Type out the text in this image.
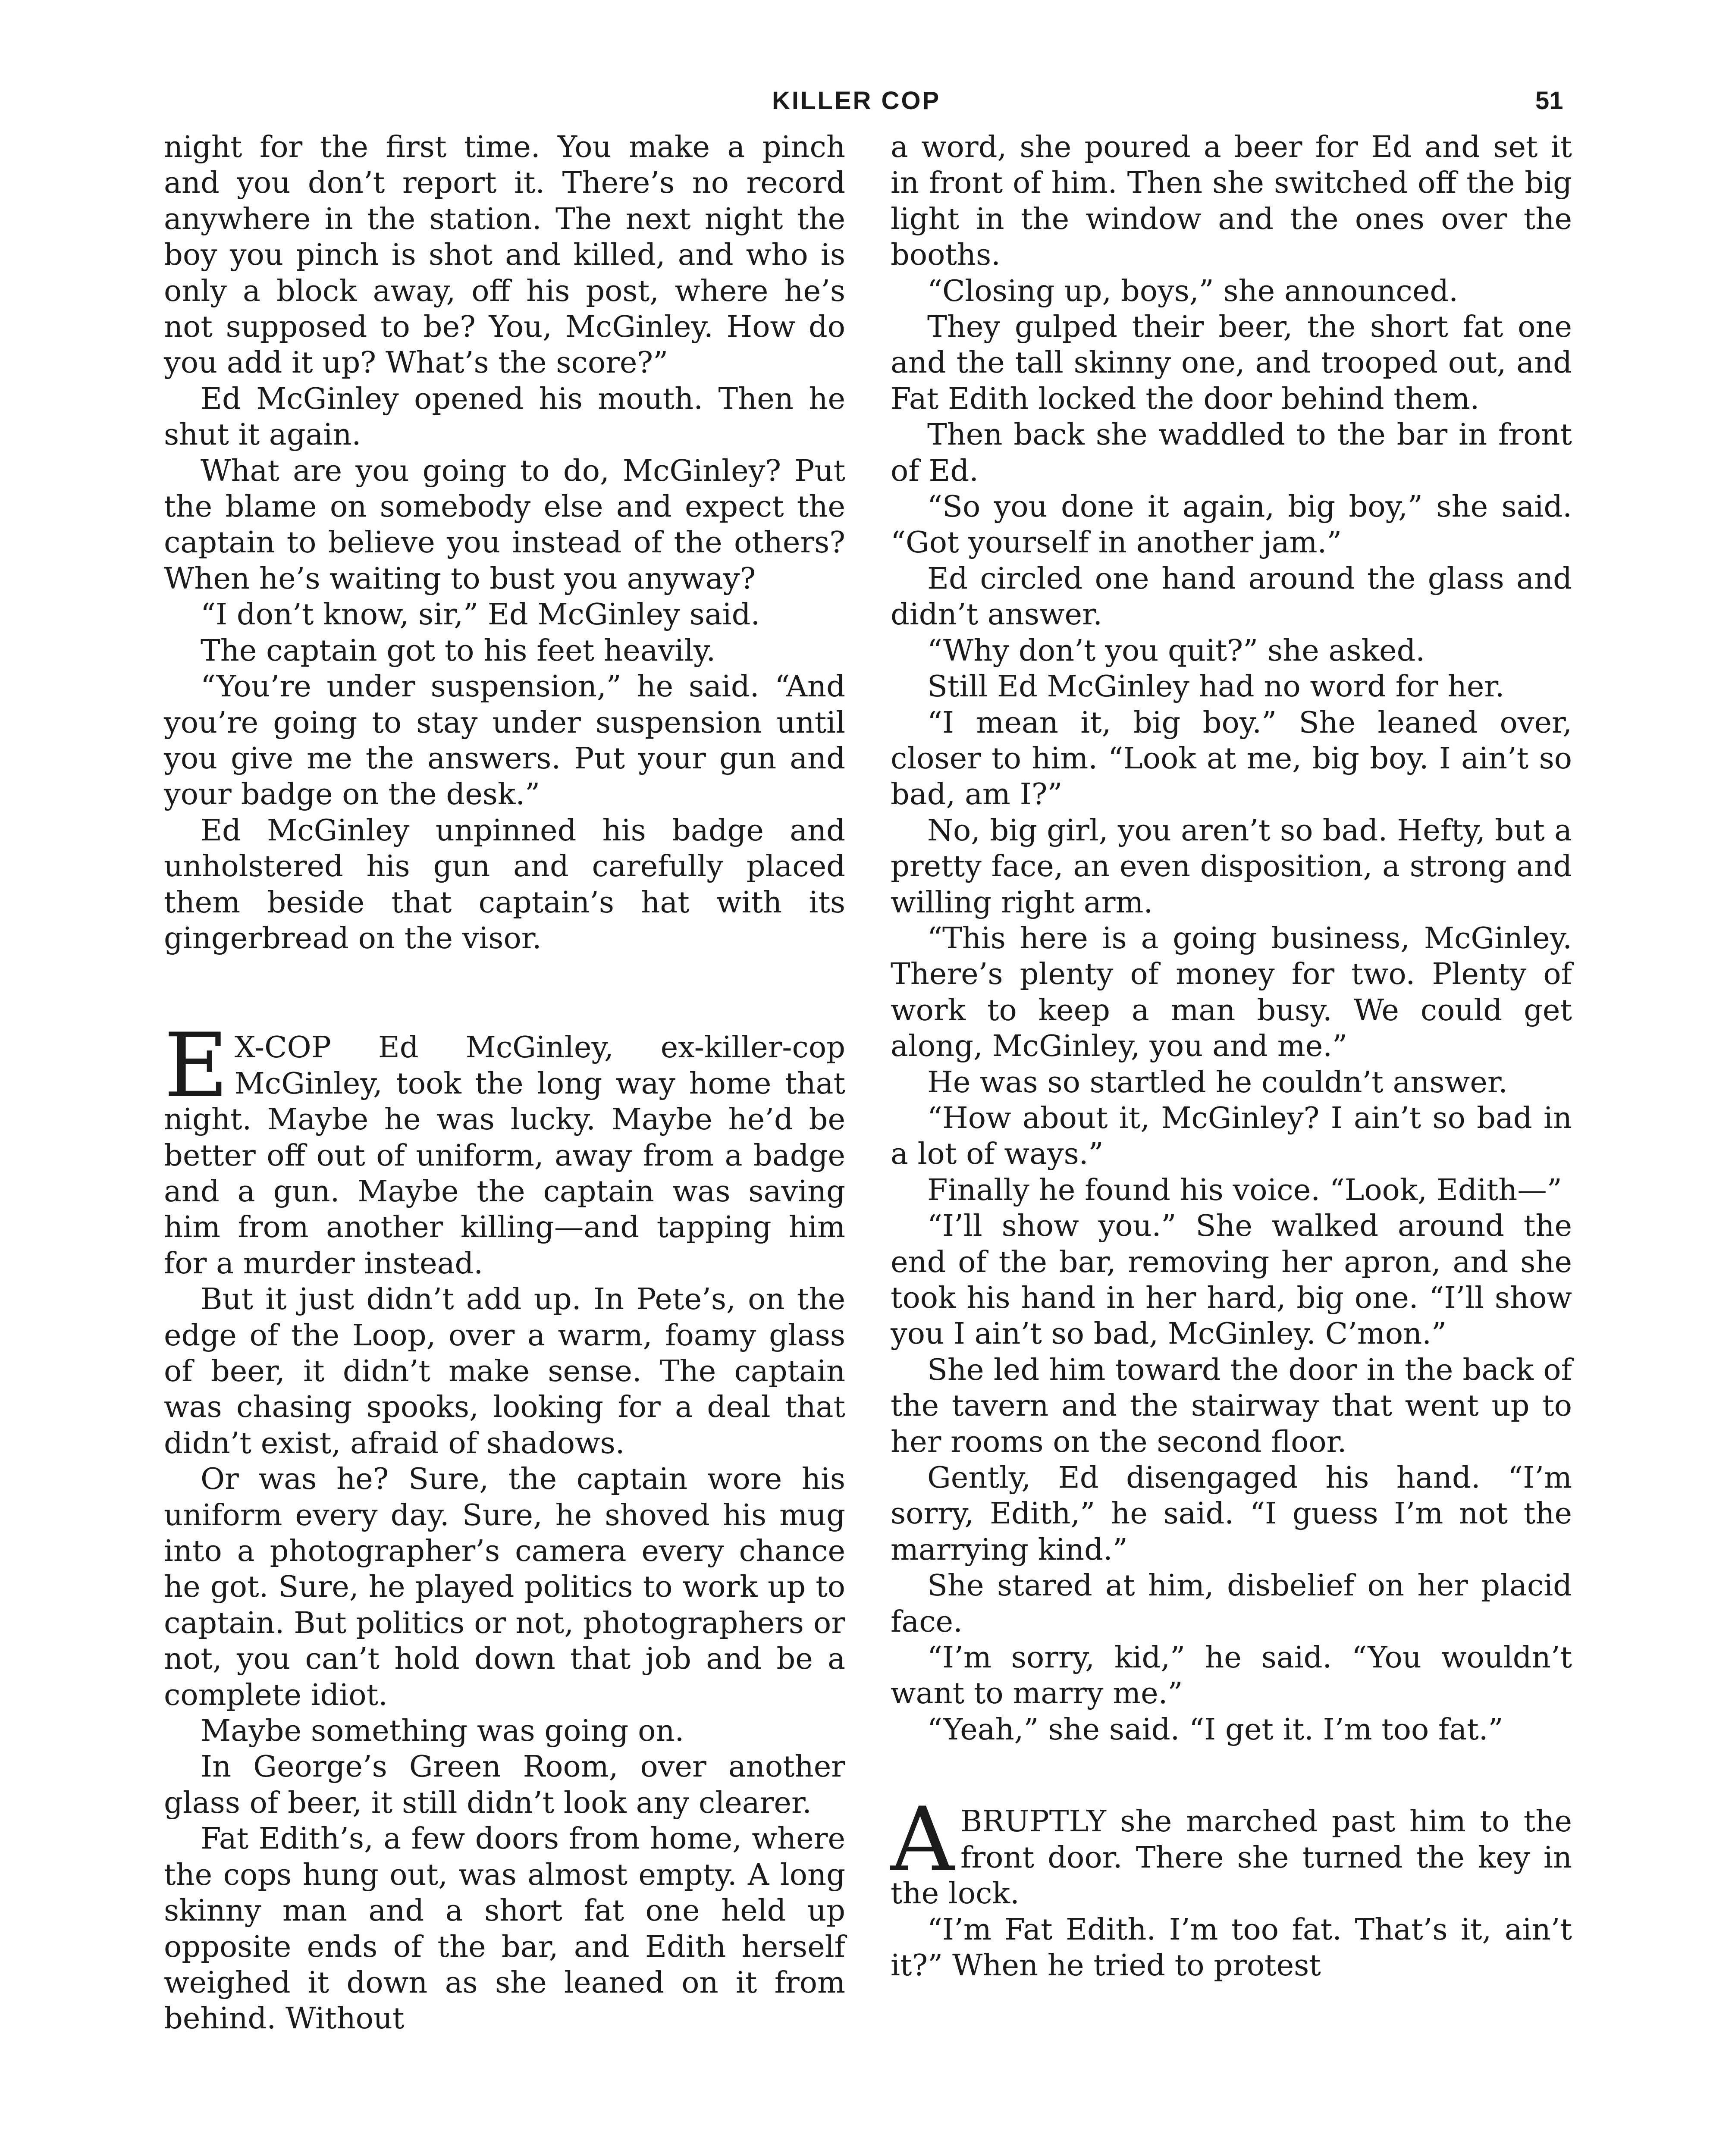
KILLER COP	51

night for the first time. You make a pinch and you don’t report it. There’s no record anywhere in the station. The next night the boy you pinch is shot and killed, and who is only a block away, off his post, where he’s not supposed to be? You, McGinley. How do you add it up? What’s the score?”

Ed McGinley opened his mouth. Then he shut it again.

What are you going to do, McGinley? Put the blame on somebody else and expect the captain to believe you instead of the others? When he’s waiting to bust you anyway?

“I don’t know, sir,” Ed McGinley said.

The captain got to his feet heavily.

“You’re under suspension,” he said. “And you’re going to stay under suspension until you give me the answers. Put your gun and your badge on the desk.”

Ed McGinley unpinned his badge and unholstered his gun and carefully placed them beside that captain’s hat with its gingerbread on the visor.

E X-COP Ed McGinley, ex-killer-cop McGinley, took the long way home that night. Maybe he was lucky. Maybe he’d be better off out of uniform, away from a badge and a gun. Maybe the captain was saving him from another killing—and tapping him for a murder instead.

But it just didn’t add up. In Pete’s, on the edge of the Loop, over a warm, foamy glass of beer, it didn’t make sense. The captain was chasing spooks, looking for a deal that didn’t exist, afraid of shadows.

Or was he? Sure, the captain wore his uniform every day. Sure, he shoved his mug into a photographer’s camera every chance he got. Sure, he played politics to work up to captain. But politics or not, photographers or not, you can’t hold down that job and be a complete idiot.

Maybe something was going on.

In George’s Green Room, over another glass of beer, it still didn’t look any clearer.

Fat Edith’s, a few doors from home, where the cops hung out, was almost empty. A long skinny man and a short fat one held up opposite ends of the bar, and Edith herself weighed it down as she leaned on it from behind. Without

a word, she poured a beer for Ed and set it in front of him. Then she switched off the big light in the window and the ones over the booths.

“Closing up, boys,” she announced.

They gulped their beer, the short fat one and the tall skinny one, and trooped out, and Fat Edith locked the door behind them.

Then back she waddled to the bar in front of Ed.

“So you done it again, big boy,” she said. “Got yourself in another jam.”

Ed circled one hand around the glass and didn’t answer.

“Why don’t you quit?” she asked.

Still Ed McGinley had no word for her.

“I mean it, big boy.” She leaned over, closer to him. “Look at me, big boy. I ain’t so bad, am I?”

No, big girl, you aren’t so bad. Hefty, but a pretty face, an even disposition, a strong and willing right arm.

“This here is a going business, McGinley. There’s plenty of money for two. Plenty of work to keep a man busy. We could get along, McGinley, you and me.”

He was so startled he couldn’t answer.

“How about it, McGinley? I ain’t so bad in a lot of ways.”

Finally he found his voice. “Look, Edith—”

“I’ll show you.” She walked around the end of the bar, removing her apron, and she took his hand in her hard, big one. “I’ll show you I ain’t so bad, McGinley. C’mon.”

She led him toward the door in the back of the tavern and the stairway that went up to her rooms on the second floor.

Gently, Ed disengaged his hand. “I’m sorry, Edith,” he said. “I guess I’m not the marrying kind.”

She stared at him, disbelief on her placid face.

“I’m sorry, kid,” he said. “You wouldn’t want to marry me.”

“Yeah,” she said. “I get it. I’m too fat.”

ABRUPTLY she marched past him to the front door. There she turned the key in the lock.

“I’m Fat Edith. I’m too fat. That’s it, ain’t it?” When he tried to protest
